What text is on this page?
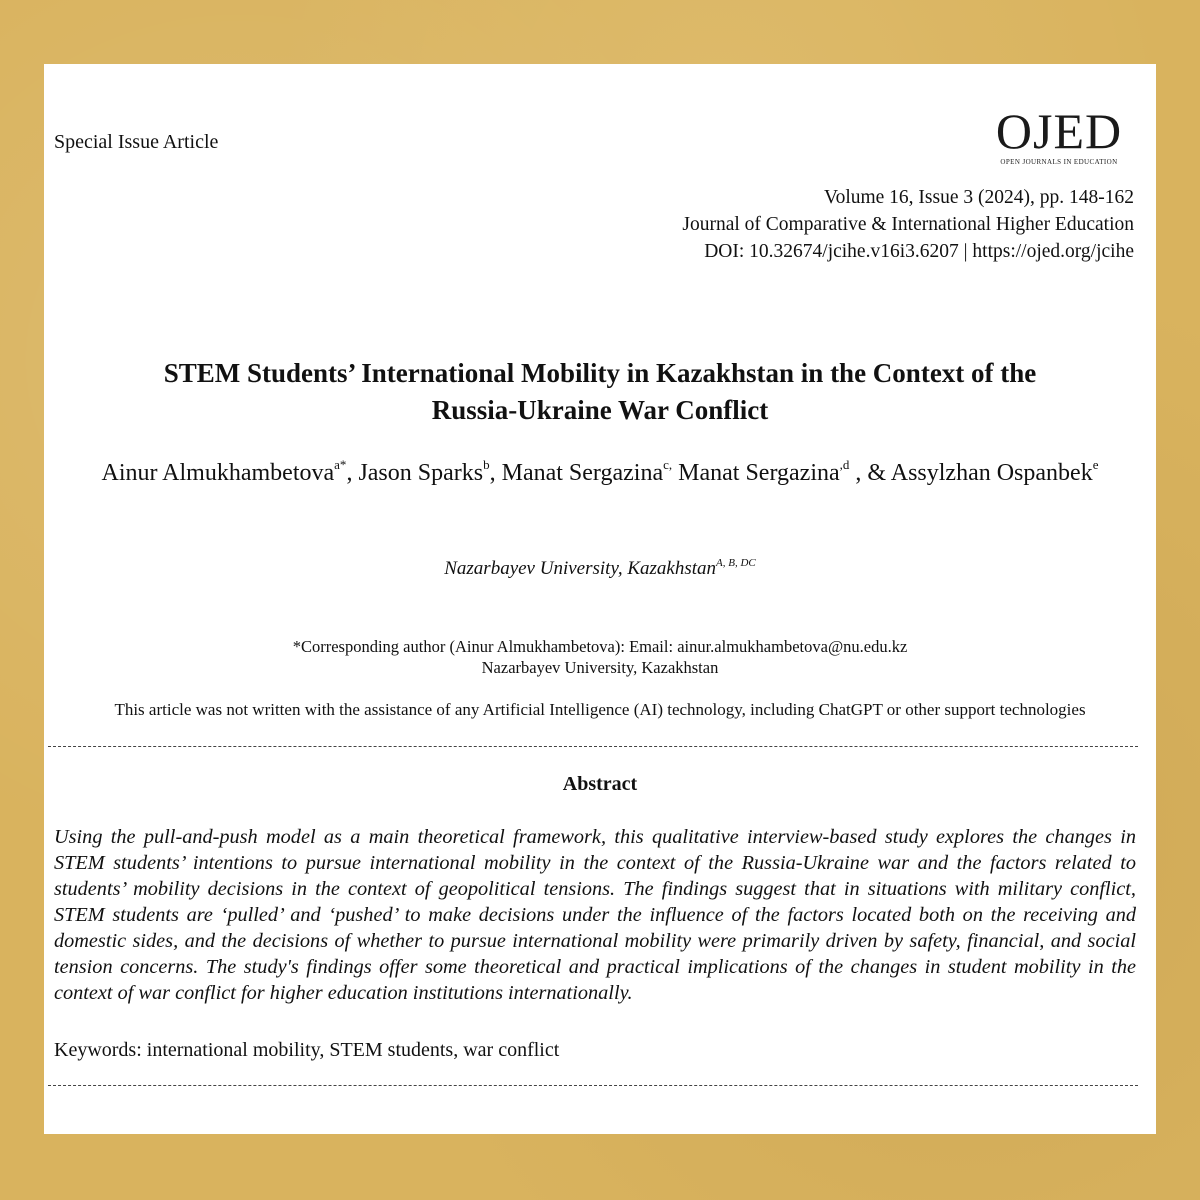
Special Issue Article	OJED
OPEN JOURNALS IN EDUCATION
Volume 16, Issue 3 (2024), pp. 148-162
Journal of Comparative & International Higher Education
DOI: 10.32674/jcihe.v16i3.6207 | https://ojed.org/jcihe
STEM Students’ International Mobility in Kazakhstan in the Context of the
Russia-Ukraine War Conflict
Ainur Almukhambetova$^{a*}$, Jason Sparks$^b$, Manat Sergazina$^{c,}$ Manat Sergazina$^{,d}$ , & Assylzhan Ospanbek$^e$
Nazarbayev University, Kazakhstan$^{A, B, DC}$
*Corresponding author (Ainur Almukhambetova): Email: ainur.almukhambetova@nu.edu.kz
Nazarbayev University, Kazakhstan
This article was not written with the assistance of any Artificial Intelligence (AI) technology, including ChatGPT or other support technologies
Abstract
Using the pull-and-push model as a main theoretical framework, this qualitative interview-based study explores the changes in STEM students’ intentions to pursue international mobility in the context of the Russia-Ukraine war and the factors related to students’ mobility decisions in the context of geopolitical tensions. The findings suggest that in situations with military conflict, STEM students are ‘pulled’ and ‘pushed’ to make decisions under the influence of the factors located both on the receiving and domestic sides, and the decisions of whether to pursue international mobility were primarily driven by safety, financial, and social tension concerns. The study's findings offer some theoretical and practical implications of the changes in student mobility in the context of war conflict for higher education institutions internationally.
Keywords: international mobility, STEM students, war conflict
